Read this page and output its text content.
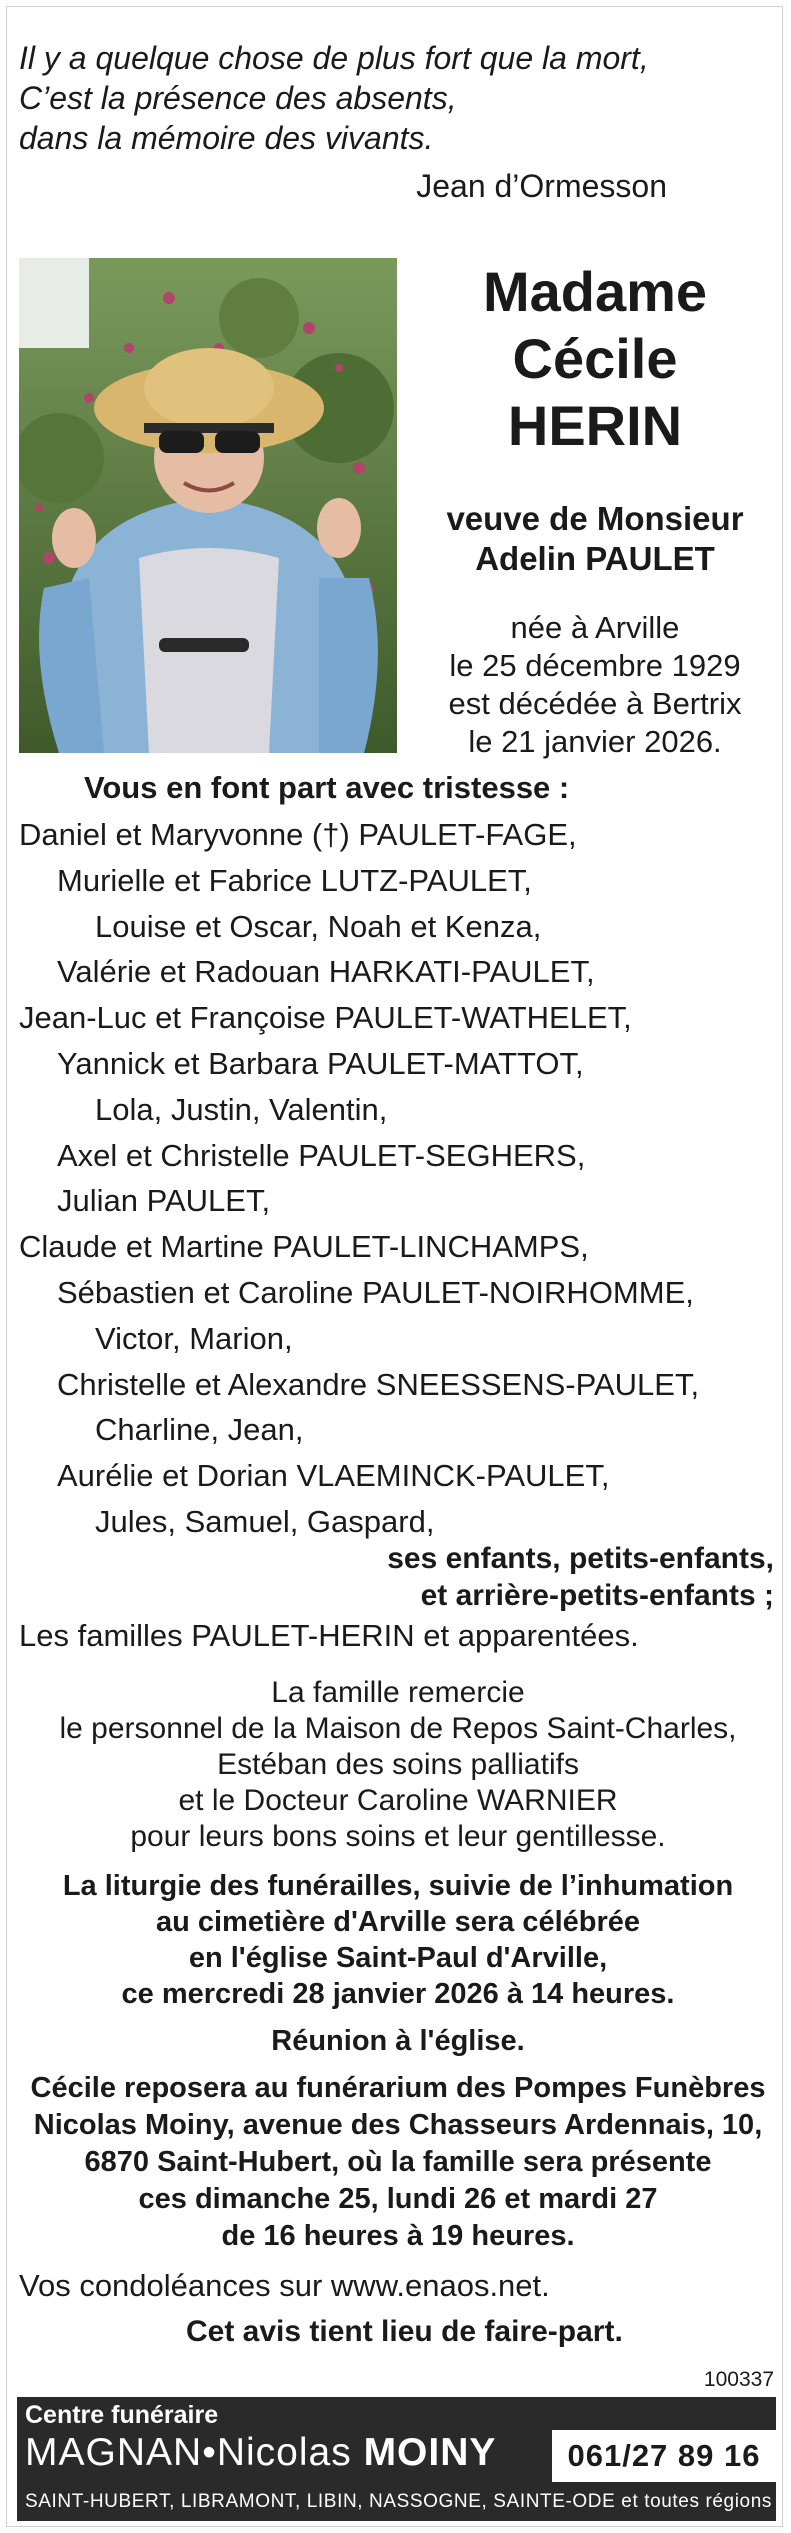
Il y a quelque chose de plus fort que la mort,
C’est la présence des absents,
dans la mémoire des vivants.
Jean d’Ormesson
Madame
Cécile
HERIN
veuve de Monsieur
Adelin PAULET
née à Arville
le 25 décembre 1929
est décédée à Bertrix
le 21 janvier 2026.
Vous en font part avec tristesse :
Daniel et Maryvonne (†) PAULET-FAGE,
Murielle et Fabrice LUTZ-PAULET,
Louise et Oscar, Noah et Kenza,
Valérie et Radouan HARKATI-PAULET,
Jean-Luc et Françoise PAULET-WATHELET,
Yannick et Barbara PAULET-MATTOT,
Lola, Justin, Valentin,
Axel et Christelle PAULET-SEGHERS,
Julian PAULET,
Claude et Martine PAULET-LINCHAMPS,
Sébastien et Caroline PAULET-NOIRHOMME,
Victor, Marion,
Christelle et Alexandre SNEESSENS-PAULET,
Charline, Jean,
Aurélie et Dorian VLAEMINCK-PAULET,
Jules, Samuel, Gaspard,
ses enfants, petits-enfants,
et arrière-petits-enfants ;
Les familles PAULET-HERIN et apparentées.
La famille remercie
le personnel de la Maison de Repos Saint-Charles,
Estéban des soins palliatifs
et le Docteur Caroline WARNIER
pour leurs bons soins et leur gentillesse.
La liturgie des funérailles, suivie de l’inhumation
au cimetière d'Arville sera célébrée
en l'église Saint-Paul d'Arville,
ce mercredi 28 janvier 2026 à 14 heures.
Réunion à l'église.
Cécile reposera au funérarium des Pompes Funèbres
Nicolas Moiny, avenue des Chasseurs Ardennais, 10,
6870 Saint-Hubert, où la famille sera présente
ces dimanche 25, lundi 26 et mardi 27
de 16 heures à 19 heures.
Vos condoléances sur www.enaos.net.
Cet avis tient lieu de faire-part.
100337
Centre funéraire
MAGNAN•Nicolas MOINY	061/27 89 16
SAINT-HUBERT, LIBRAMONT, LIBIN, NASSOGNE, SAINTE-ODE et toutes régions
